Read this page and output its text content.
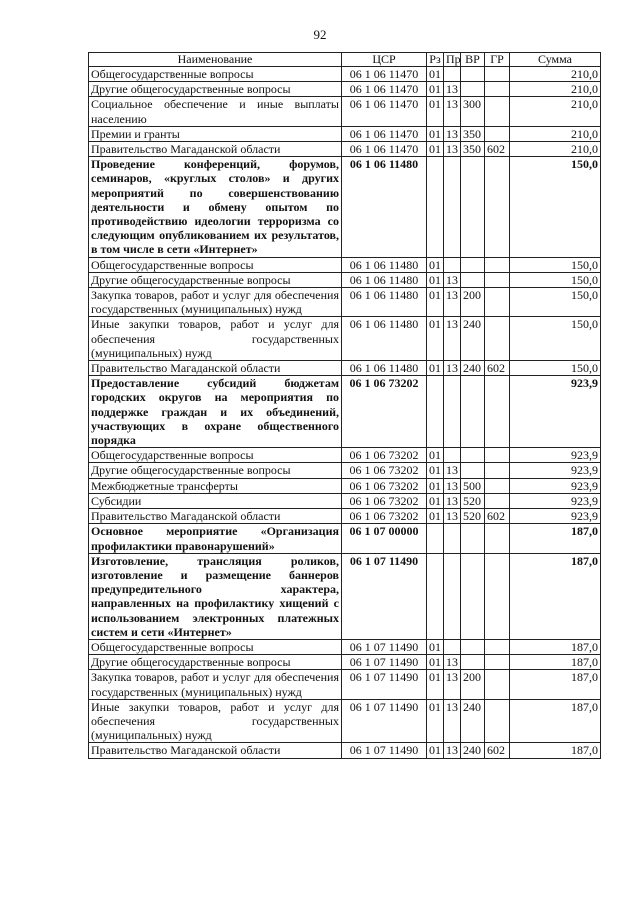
92
Наименование	ЦСР	Рз	Пр	ВР	ГР	Сумма
Общегосударственные вопросы	06 1 06 11470	01				210,0
Другие общегосударственные вопросы	06 1 06 11470	01	13			210,0
Социальное обеспечение и иные выплаты населению	06 1 06 11470	01	13	300		210,0
Премии и гранты	06 1 06 11470	01	13	350		210,0
Правительство Магаданской области	06 1 06 11470	01	13	350	602	210,0
Проведение конференций, форумов, семинаров, «круглых столов» и других мероприятий по совершенствованию деятельности и обмену опытом по противодействию идеологии терроризма со следующим опубликованием их результатов, в том числе в сети «Интернет»	06 1 06 11480					150,0
Общегосударственные вопросы	06 1 06 11480	01				150,0
Другие общегосударственные вопросы	06 1 06 11480	01	13			150,0
Закупка товаров, работ и услуг для обеспечения государственных (муниципальных) нужд	06 1 06 11480	01	13	200		150,0
Иные закупки товаров, работ и услуг для обеспечения государственных (муниципальных) нужд	06 1 06 11480	01	13	240		150,0
Правительство Магаданской области	06 1 06 11480	01	13	240	602	150,0
Предоставление субсидий бюджетам городских округов на мероприятия по поддержке граждан и их объединений, участвующих в охране общественного порядка	06 1 06 73202					923,9
Общегосударственные вопросы	06 1 06 73202	01				923,9
Другие общегосударственные вопросы	06 1 06 73202	01	13			923,9
Межбюджетные трансферты	06 1 06 73202	01	13	500		923,9
Субсидии	06 1 06 73202	01	13	520		923,9
Правительство Магаданской области	06 1 06 73202	01	13	520	602	923,9
Основное мероприятие «Организация профилактики правонарушений»	06 1 07 00000					187,0
Изготовление, трансляция роликов, изготовление и размещение баннеров предупредительного характера, направленных на профилактику хищений с использованием электронных платежных систем и сети «Интернет»	06 1 07 11490					187,0
Общегосударственные вопросы	06 1 07 11490	01				187,0
Другие общегосударственные вопросы	06 1 07 11490	01	13			187,0
Закупка товаров, работ и услуг для обеспечения государственных (муниципальных) нужд	06 1 07 11490	01	13	200		187,0
Иные закупки товаров, работ и услуг для обеспечения государственных (муниципальных) нужд	06 1 07 11490	01	13	240		187,0
Правительство Магаданской области	06 1 07 11490	01	13	240	602	187,0
